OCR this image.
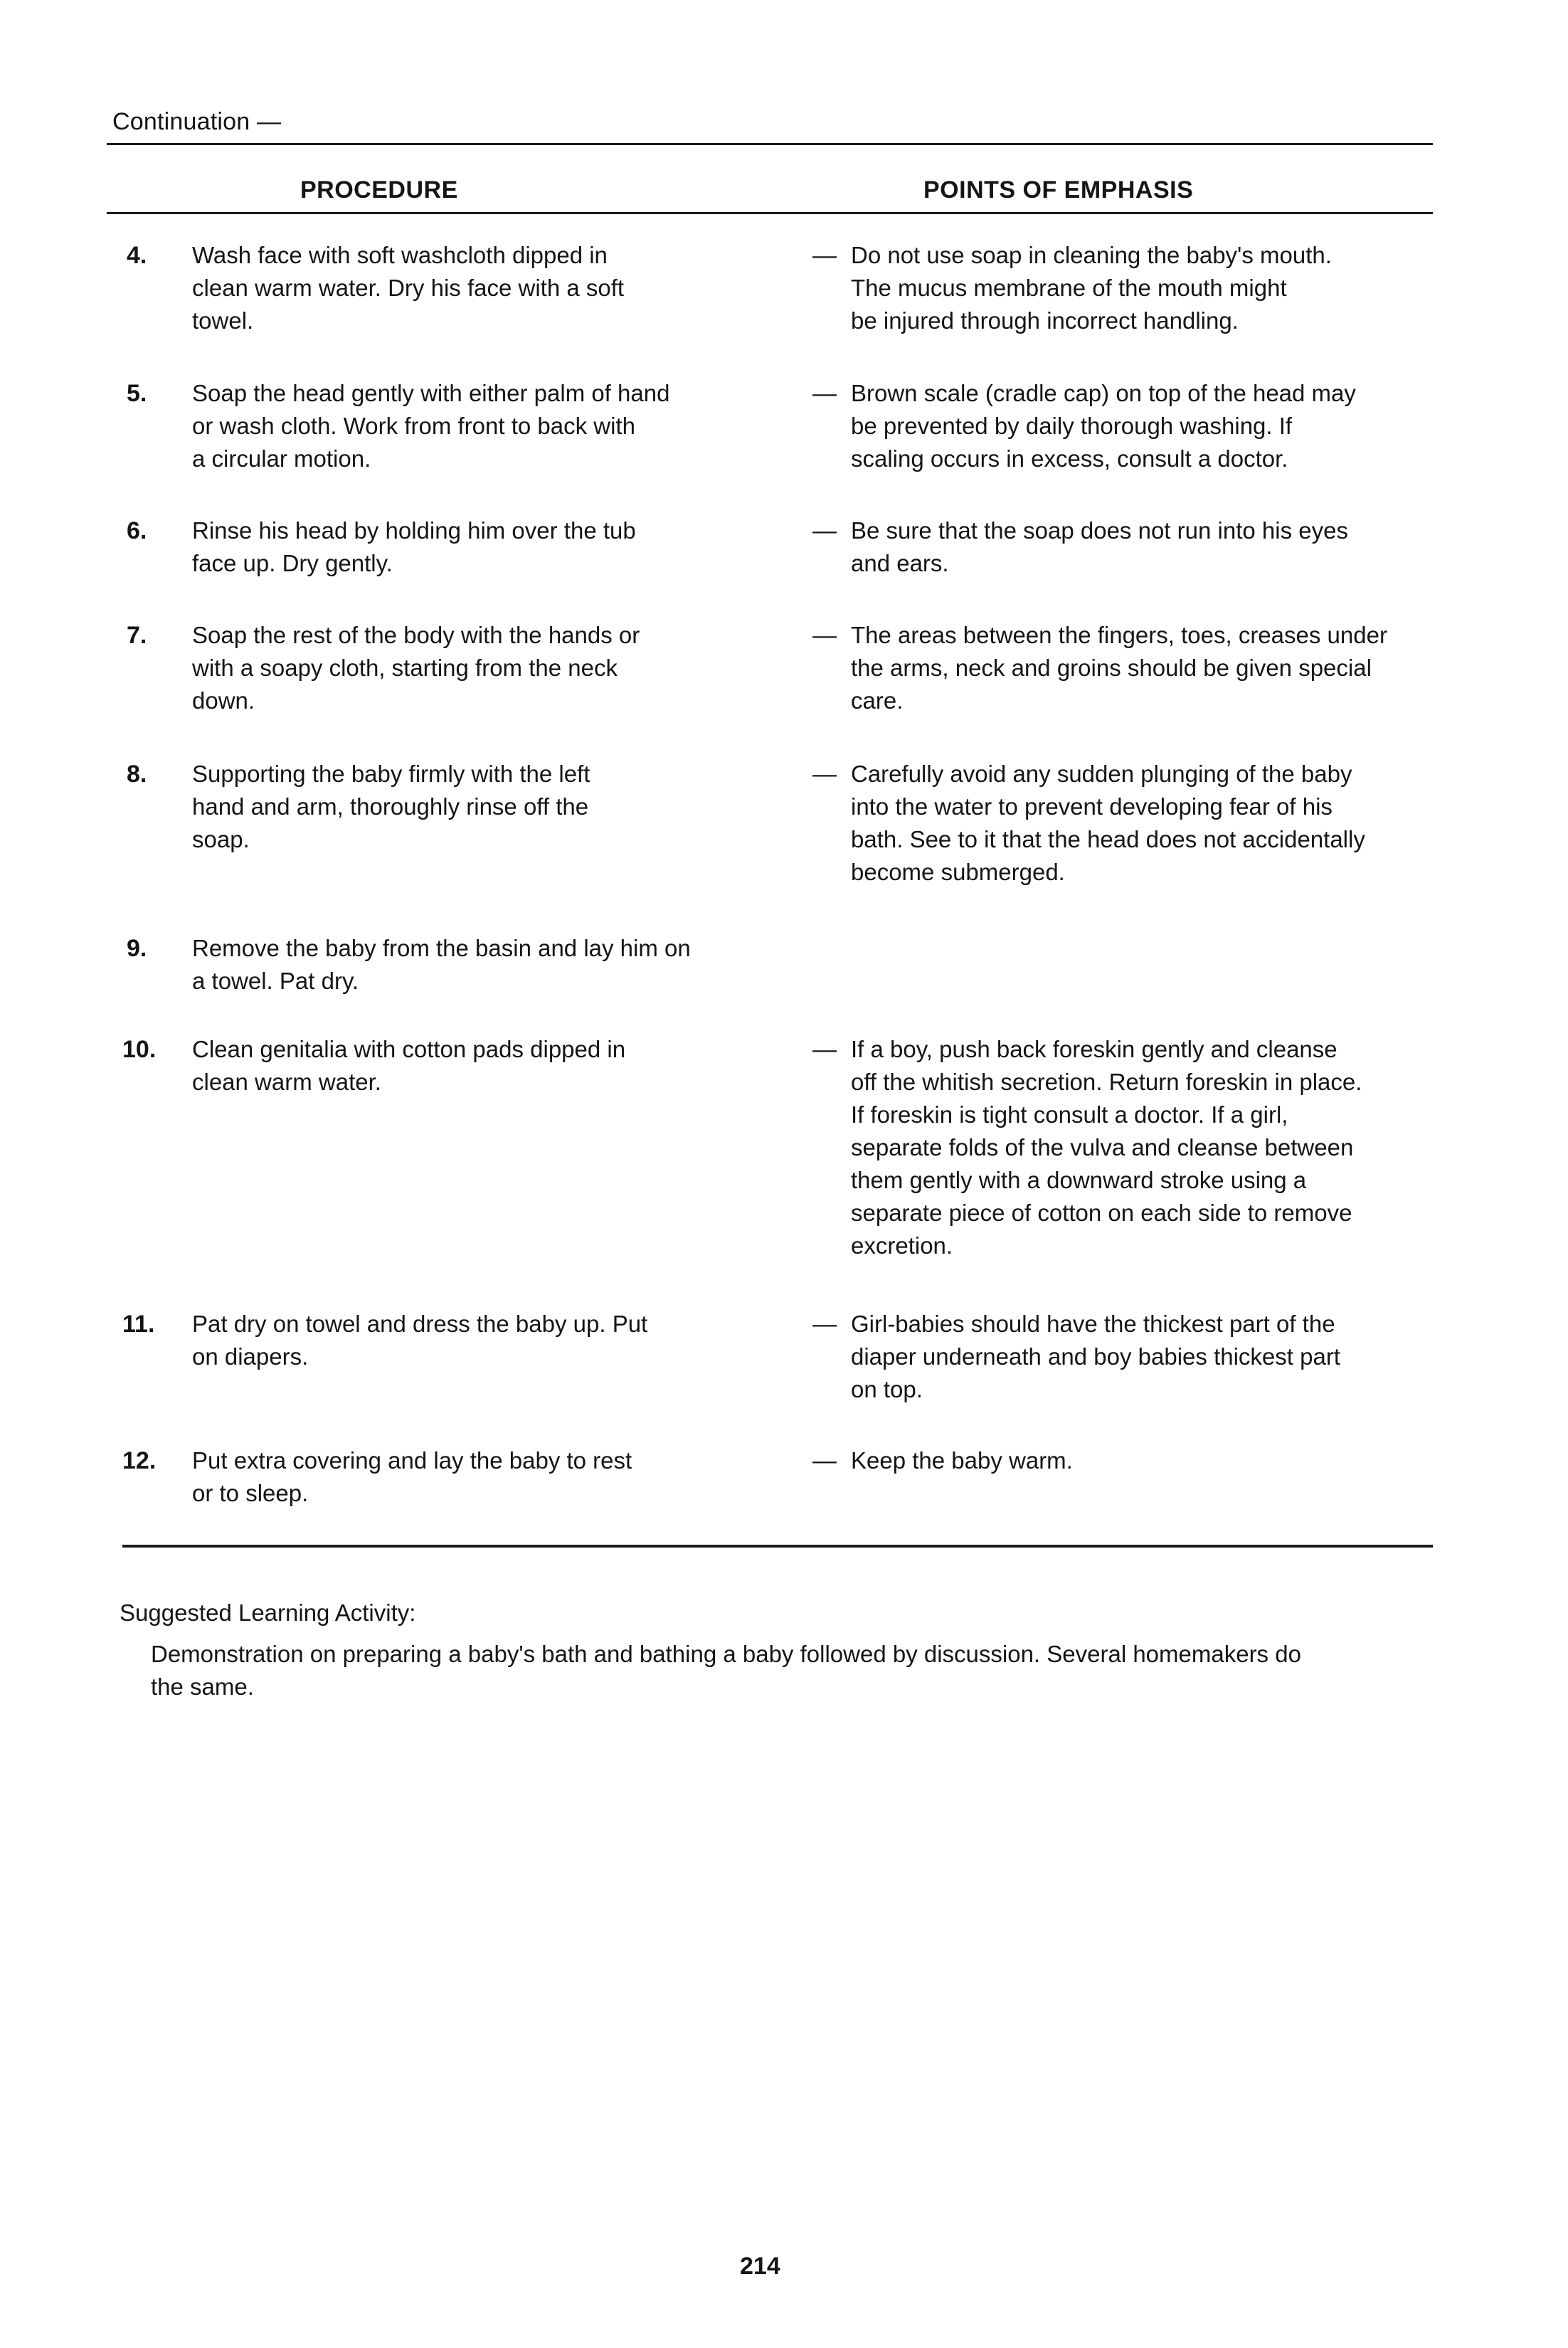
Continuation —
PROCEDURE	POINTS OF EMPHASIS
4.	Wash face with soft washcloth dipped in
clean warm water. Dry his face with a soft
towel.
— Do not use soap in cleaning the baby's mouth.
The mucus membrane of the mouth might
be injured through incorrect handling.
5.	Soap the head gently with either palm of hand
or wash cloth. Work from front to back with
a circular motion.
— Brown scale (cradle cap) on top of the head may
be prevented by daily thorough washing. If
scaling occurs in excess, consult a doctor.
6.	Rinse his head by holding him over the tub
face up. Dry gently.
— Be sure that the soap does not run into his eyes
and ears.
7.	Soap the rest of the body with the hands or
with a soapy cloth, starting from the neck
down.
— The areas between the fingers, toes, creases under
the arms, neck and groins should be given special
care.
8.	Supporting the baby firmly with the left
hand and arm, thoroughly rinse off the
soap.
— Carefully avoid any sudden plunging of the baby
into the water to prevent developing fear of his
bath. See to it that the head does not accidentally
become submerged.
9.	Remove the baby from the basin and lay him on
a towel. Pat dry.
10.	Clean genitalia with cotton pads dipped in
clean warm water.
— If a boy, push back foreskin gently and cleanse
off the whitish secretion. Return foreskin in place.
If foreskin is tight consult a doctor. If a girl,
separate folds of the vulva and cleanse between
them gently with a downward stroke using a
separate piece of cotton on each side to remove
excretion.
11.	Pat dry on towel and dress the baby up. Put
on diapers.
— Girl-babies should have the thickest part of the
diaper underneath and boy babies thickest part
on top.
12.	Put extra covering and lay the baby to rest
or to sleep.
— Keep the baby warm.
Suggested Learning Activity:
Demonstration on preparing a baby's bath and bathing a baby followed by discussion. Several homemakers do
the same.
214
